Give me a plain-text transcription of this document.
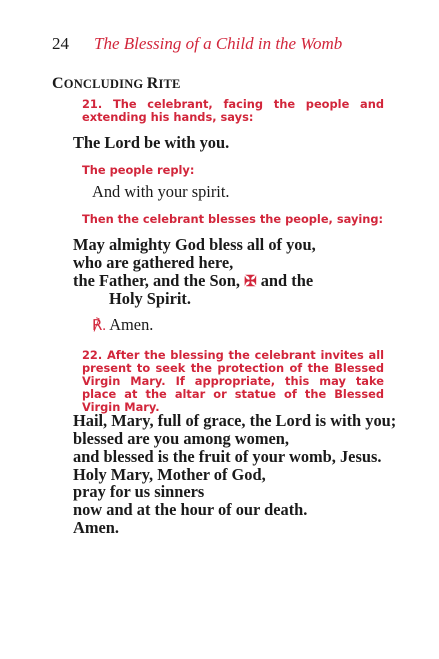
24 The Blessing of a Child in the Womb
CONCLUDING RITE
21. The celebrant, facing the people and extending his hands, says:
The Lord be with you.
The people reply:
And with your spirit.
Then the celebrant blesses the people, saying:
May almighty God bless all of you,
who are gathered here,
the Father, and the Son, ✠ and the
Holy Spirit.
℟. Amen.
22. After the blessing the celebrant invites all present to seek the protection of the Blessed Virgin Mary. If appropriate, this may take place at the altar or statue of the Blessed Virgin Mary.
Hail, Mary, full of grace, the Lord is with you;
blessed are you among women,
and blessed is the fruit of your womb, Jesus.
Holy Mary, Mother of God,
pray for us sinners
now and at the hour of our death.
Amen.
